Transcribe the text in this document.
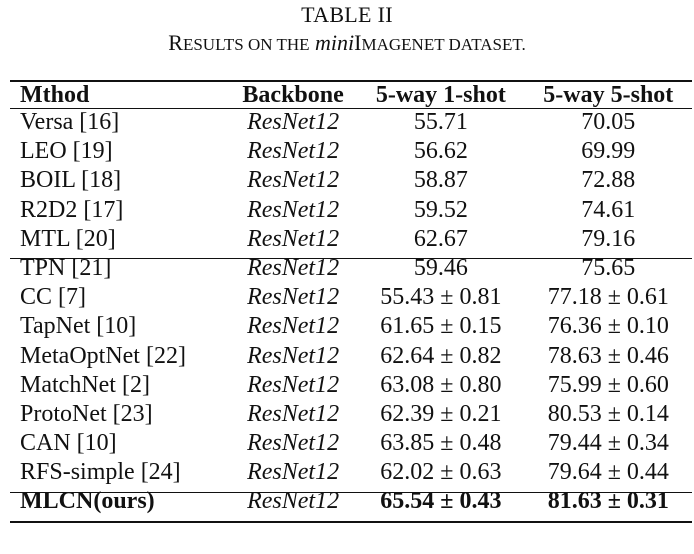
TABLE II
RESULTS ON THE miniIMAGENET DATASET.
Mthod	Backbone	5-way 1-shot	5-way 5-shot
Versa [16]	ResNet12	55.71	70.05
LEO [19]	ResNet12	56.62	69.99
BOIL [18]	ResNet12	58.87	72.88
R2D2 [17]	ResNet12	59.52	74.61
MTL [20]	ResNet12	62.67	79.16
TPN [21]	ResNet12	59.46	75.65
CC [7]	ResNet12	55.43 ± 0.81	77.18 ± 0.61
TapNet [10]	ResNet12	61.65 ± 0.15	76.36 ± 0.10
MetaOptNet [22]	ResNet12	62.64 ± 0.82	78.63 ± 0.46
MatchNet [2]	ResNet12	63.08 ± 0.80	75.99 ± 0.60
ProtoNet [23]	ResNet12	62.39 ± 0.21	80.53 ± 0.14
CAN [10]	ResNet12	63.85 ± 0.48	79.44 ± 0.34
RFS-simple [24]	ResNet12	62.02 ± 0.63	79.64 ± 0.44
MLCN(ours)	ResNet12	65.54 ± 0.43	81.63 ± 0.31
